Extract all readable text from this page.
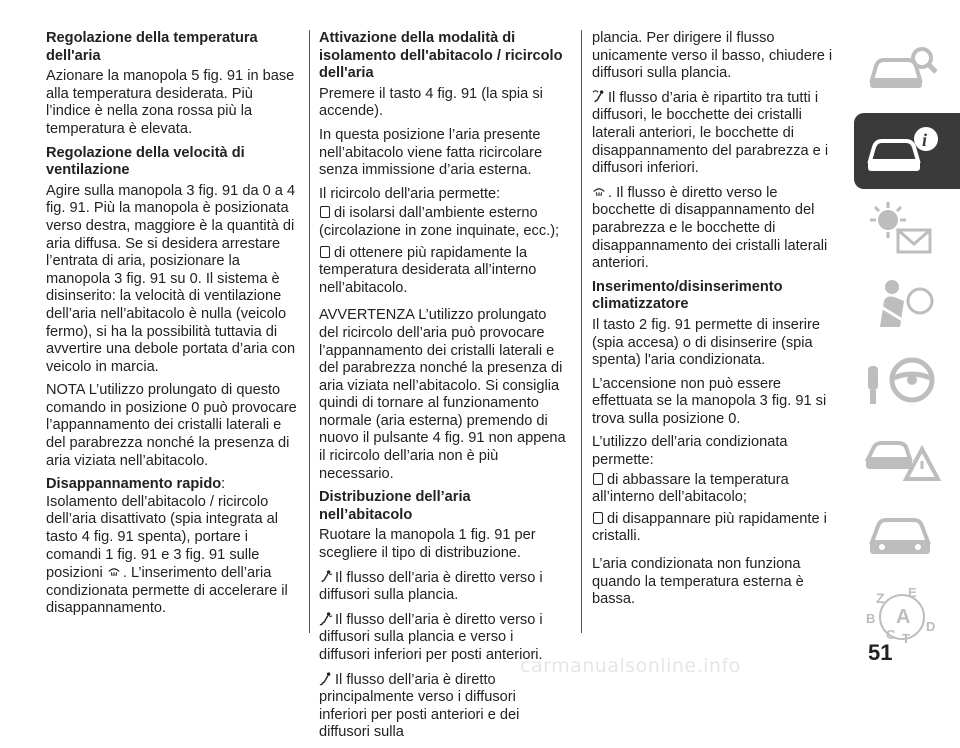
Regolazione della temperatura dell'aria

Azionare la manopola 5 fig. 91 in base alla temperatura desiderata. Più l’indice è nella zona rossa più la temperatura è elevata.

Regolazione della velocità di ventilazione

Agire sulla manopola 3 fig. 91 da 0 a 4 fig. 91. Più la manopola è posizionata verso destra, maggiore è la quantità di aria diffusa. Se si desidera arrestare l’entrata di aria, posizionare la manopola 3 fig. 91 su 0. Il sistema è disinserito: la velocità di ventilazione dell’aria nell’abitacolo è nulla (veicolo fermo), si ha la possibilità tuttavia di avvertire una debole portata d’aria con veicolo in marcia.

NOTA L’utilizzo prolungato di questo comando in posizione 0 può provocare l’appannamento dei cristalli laterali e del parabrezza nonché la presenza di aria viziata nell’abitacolo.

Disappannamento rapido:
Isolamento dell’abitacolo / ricircolo dell’aria disattivato (spia integrata al tasto 4 fig. 91 spenta), portare i comandi 1 fig. 91 e 3 fig. 91 sulle posizioni . L’inserimento dell’aria condizionata permette di accelerare il disappannamento.

Attivazione della modalità di isolamento dell'abitacolo / ricircolo dell'aria

Premere il tasto 4 fig. 91 (la spia si accende).

In questa posizione l’aria presente nell’abitacolo viene fatta ricircolare senza immissione d’aria esterna.

Il ricircolo dell'aria permette:

di isolarsi dall’ambiente esterno (circolazione in zone inquinate, ecc.);

di ottenere più rapidamente la temperatura desiderata all’interno nell’abitacolo.

AVVERTENZA L’utilizzo prolungato del ricircolo dell’aria può provocare l’appannamento dei cristalli laterali e del parabrezza nonché la presenza di aria viziata nell’abitacolo. Si consiglia quindi di tornare al funzionamento normale (aria esterna) premendo di nuovo il pulsante 4 fig. 91 non appena il ricircolo dell’aria non è più necessario.

Distribuzione dell’aria nell’abitacolo

Ruotare la manopola 1 fig. 91 per scegliere il tipo di distribuzione.

Il flusso dell’aria è diretto verso i diffusori sulla plancia.

Il flusso dell’aria è diretto verso i diffusori sulla plancia e verso i diffusori inferiori per posti anteriori.

Il flusso dell’aria è diretto principalmente verso i diffusori inferiori per posti anteriori e dei diffusori sulla

plancia. Per dirigere il flusso unicamente verso il basso, chiudere i diffusori sulla plancia.

Il flusso d’aria è ripartito tra tutti i diffusori, le bocchette dei cristalli laterali anteriori, le bocchette di disappannamento del parabrezza e i diffusori inferiori.

. Il flusso è diretto verso le bocchette di disappannamento del parabrezza e le bocchette di disappannamento dei cristalli laterali anteriori.

Inserimento/disinserimento climatizzatore

Il tasto 2 fig. 91 permette di inserire (spia accesa) o di disinserire (spia spenta) l'aria condizionata.

L’accensione non può essere effettuata se la manopola 3 fig. 91 si trova sulla posizione 0.

L’utilizzo dell’aria condizionata permette:

di abbassare la temperatura all’interno dell’abitacolo;

di disappannare più rapidamente i cristalli.

L’aria condizionata non funziona quando la temperatura esterna è bassa.

i
Z E
B A
C T
D
51
carmanualsonline.info
